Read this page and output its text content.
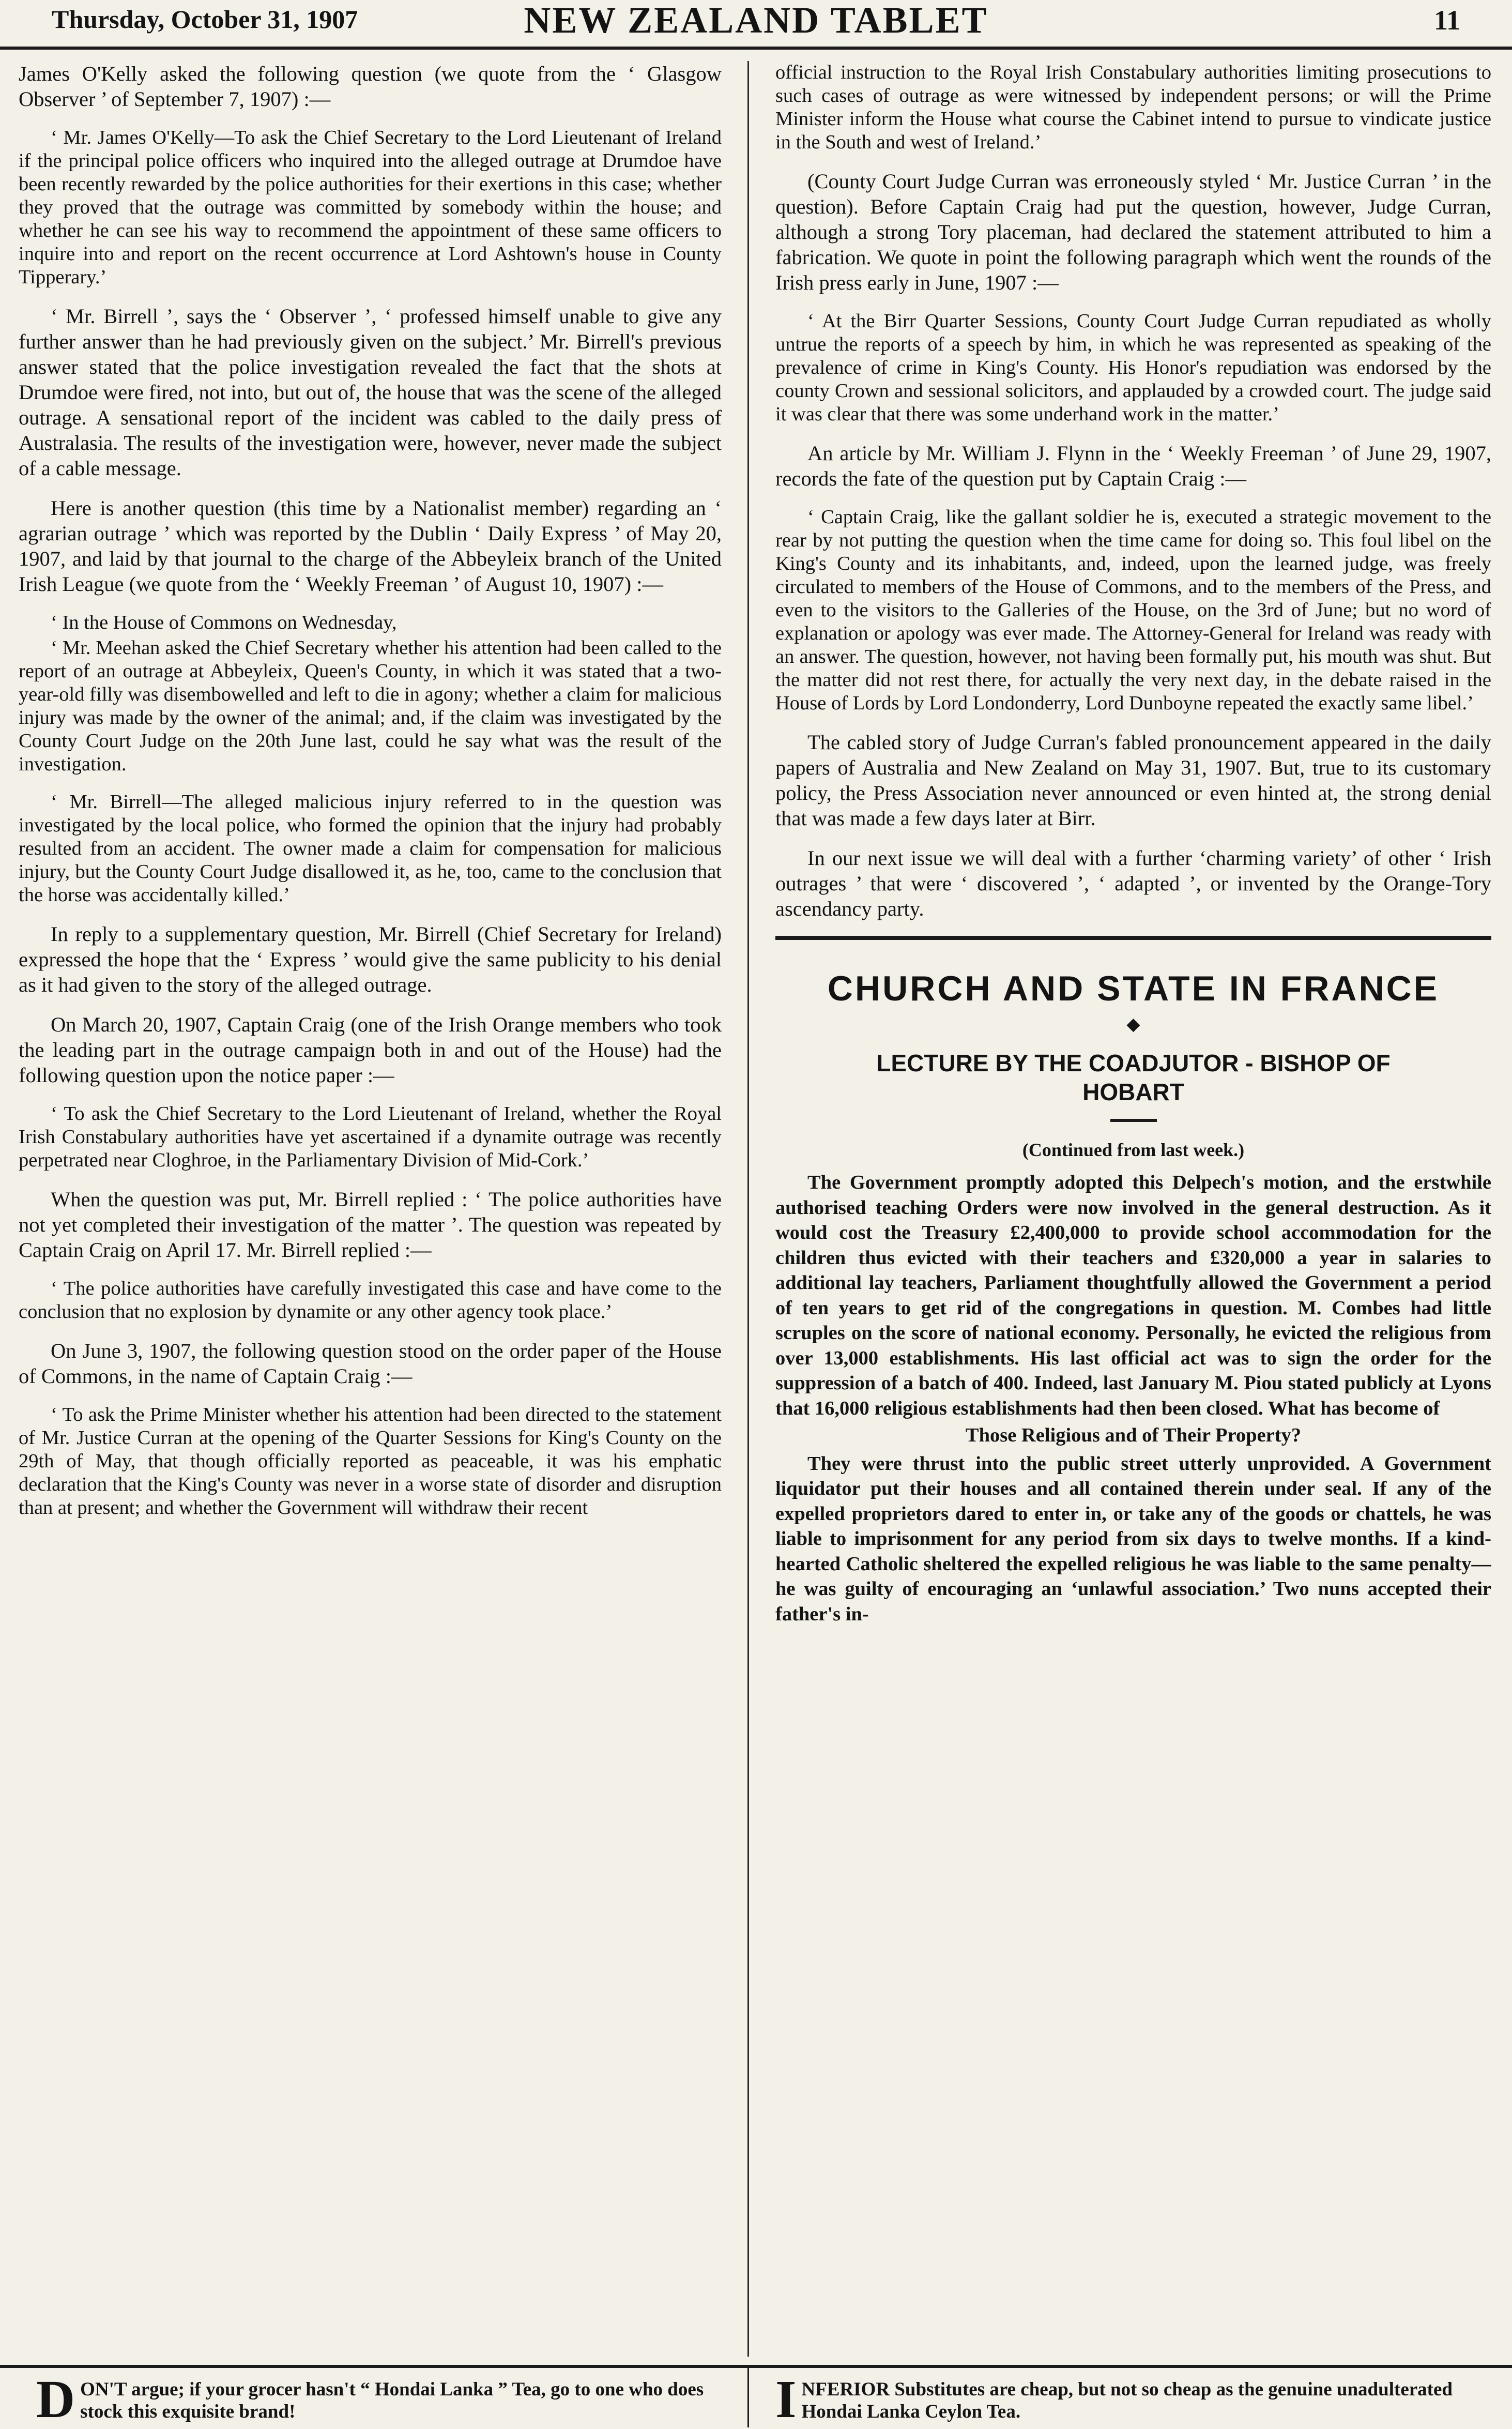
Thursday, October 31, 1907	NEW ZEALAND TABLET	11

James O'Kelly asked the following question (we quote from the ‘ Glasgow Observer ’ of September 7, 1907) :—

‘ Mr. James O'Kelly—To ask the Chief Secretary to the Lord Lieutenant of Ireland if the principal police officers who inquired into the alleged outrage at Drumdoe have been recently rewarded by the police authorities for their exertions in this case; whether they proved that the outrage was committed by somebody within the house; and whether he can see his way to recommend the appointment of these same officers to inquire into and report on the recent occurrence at Lord Ashtown's house in County Tipperary.’

‘ Mr. Birrell ’, says the ‘ Observer ’, ‘ professed himself unable to give any further answer than he had previously given on the subject.’ Mr. Birrell's previous answer stated that the police investigation revealed the fact that the shots at Drumdoe were fired, not into, but out of, the house that was the scene of the alleged outrage. A sensational report of the incident was cabled to the daily press of Australasia. The results of the investigation were, however, never made the subject of a cable message.

Here is another question (this time by a Nationalist member) regarding an ‘ agrarian outrage ’ which was reported by the Dublin ‘ Daily Express ’ of May 20, 1907, and laid by that journal to the charge of the Abbeyleix branch of the United Irish League (we quote from the ‘ Weekly Freeman ’ of August 10, 1907) :—

‘ In the House of Commons on Wednesday,

‘ Mr. Meehan asked the Chief Secretary whether his attention had been called to the report of an outrage at Abbeyleix, Queen's County, in which it was stated that a two-year-old filly was disembowelled and left to die in agony; whether a claim for malicious injury was made by the owner of the animal; and, if the claim was investigated by the County Court Judge on the 20th June last, could he say what was the result of the investigation.

‘ Mr. Birrell—The alleged malicious injury referred to in the question was investigated by the local police, who formed the opinion that the injury had probably resulted from an accident. The owner made a claim for compensation for malicious injury, but the County Court Judge disallowed it, as he, too, came to the conclusion that the horse was accidentally killed.’

In reply to a supplementary question, Mr. Birrell (Chief Secretary for Ireland) expressed the hope that the ‘ Express ’ would give the same publicity to his denial as it had given to the story of the alleged outrage.

On March 20, 1907, Captain Craig (one of the Irish Orange members who took the leading part in the outrage campaign both in and out of the House) had the following question upon the notice paper :—

‘ To ask the Chief Secretary to the Lord Lieutenant of Ireland, whether the Royal Irish Constabulary authorities have yet ascertained if a dynamite outrage was recently perpetrated near Cloghroe, in the Parliamentary Division of Mid-Cork.’

When the question was put, Mr. Birrell replied : ‘ The police authorities have not yet completed their investigation of the matter ’. The question was repeated by Captain Craig on April 17. Mr. Birrell replied :—

‘ The police authorities have carefully investigated this case and have come to the conclusion that no explosion by dynamite or any other agency took place.’

On June 3, 1907, the following question stood on the order paper of the House of Commons, in the name of Captain Craig :—

‘ To ask the Prime Minister whether his attention had been directed to the statement of Mr. Justice Curran at the opening of the Quarter Sessions for King's County on the 29th of May, that though officially reported as peaceable, it was his emphatic declaration that the King's County was never in a worse state of disorder and disruption than at present; and whether the Government will withdraw their recent

official instruction to the Royal Irish Constabulary authorities limiting prosecutions to such cases of outrage as were witnessed by independent persons; or will the Prime Minister inform the House what course the Cabinet intend to pursue to vindicate justice in the South and west of Ireland.’

(County Court Judge Curran was erroneously styled ‘ Mr. Justice Curran ’ in the question). Before Captain Craig had put the question, however, Judge Curran, although a strong Tory placeman, had declared the statement attributed to him a fabrication. We quote in point the following paragraph which went the rounds of the Irish press early in June, 1907 :—

‘ At the Birr Quarter Sessions, County Court Judge Curran repudiated as wholly untrue the reports of a speech by him, in which he was represented as speaking of the prevalence of crime in King's County. His Honor's repudiation was endorsed by the county Crown and sessional solicitors, and applauded by a crowded court. The judge said it was clear that there was some underhand work in the matter.’

An article by Mr. William J. Flynn in the ‘ Weekly Freeman ’ of June 29, 1907, records the fate of the question put by Captain Craig :—

‘ Captain Craig, like the gallant soldier he is, executed a strategic movement to the rear by not putting the question when the time came for doing so. This foul libel on the King's County and its inhabitants, and, indeed, upon the learned judge, was freely circulated to members of the House of Commons, and to the members of the Press, and even to the visitors to the Galleries of the House, on the 3rd of June; but no word of explanation or apology was ever made. The Attorney-General for Ireland was ready with an answer. The question, however, not having been formally put, his mouth was shut. But the matter did not rest there, for actually the very next day, in the debate raised in the House of Lords by Lord Londonderry, Lord Dunboyne repeated the exactly same libel.’

The cabled story of Judge Curran's fabled pronouncement appeared in the daily papers of Australia and New Zealand on May 31, 1907. But, true to its customary policy, the Press Association never announced or even hinted at, the strong denial that was made a few days later at Birr.

In our next issue we will deal with a further ‘charming variety’ of other ‘ Irish outrages ’ that were ‘ discovered ’, ‘ adapted ’, or invented by the Orange-Tory ascendancy party.

CHURCH AND STATE IN FRANCE
◆
LECTURE BY THE COADJUTOR - BISHOP OF HOBART
(Continued from last week.)

The Government promptly adopted this Delpech's motion, and the erstwhile authorised teaching Orders were now involved in the general destruction. As it would cost the Treasury £2,400,000 to provide school accommodation for the children thus evicted with their teachers and £320,000 a year in salaries to additional lay teachers, Parliament thoughtfully allowed the Government a period of ten years to get rid of the congregations in question. M. Combes had little scruples on the score of national economy. Personally, he evicted the religious from over 13,000 establishments. His last official act was to sign the order for the suppression of a batch of 400. Indeed, last January M. Piou stated publicly at Lyons that 16,000 religious establishments had then been closed. What has become of

Those Religious and of Their Property?

They were thrust into the public street utterly unprovided. A Government liquidator put their houses and all contained therein under seal. If any of the expelled proprietors dared to enter in, or take any of the goods or chattels, he was liable to imprisonment for any period from six days to twelve months. If a kind-hearted Catholic sheltered the expelled religious he was liable to the same penalty—he was guilty of encouraging an ‘unlawful association.’ Two nuns accepted their father's in-

D ON'T argue; if your grocer hasn't “ Hondai Lanka ” Tea, go to one who does stock this exquisite brand!	I NFERIOR Substitutes are cheap, but not so cheap as the genuine unadulterated Hondai Lanka Ceylon Tea.
